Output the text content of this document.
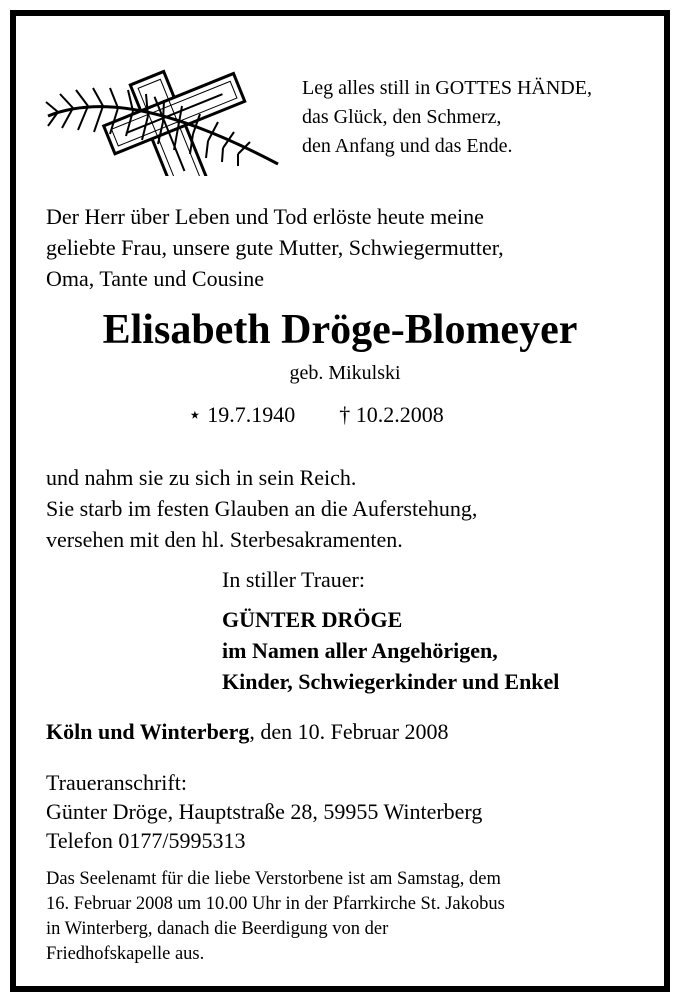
Leg alles still in GOTTES HÄNDE,
das Glück, den Schmerz,
den Anfang und das Ende.
Der Herr über Leben und Tod erlöste heute meine
geliebte Frau, unsere gute Mutter, Schwiegermutter,
Oma, Tante und Cousine
Elisabeth Dröge-Blomeyer
geb. Mikulski
⋆ 19.7.1940 † 10.2.2008
und nahm sie zu sich in sein Reich.
Sie starb im festen Glauben an die Auferstehung,
versehen mit den hl. Sterbesakramenten.
In stiller Trauer:
GÜNTER DRÖGE
im Namen aller Angehörigen,
Kinder, Schwiegerkinder und Enkel
Köln und Winterberg, den 10. Februar 2008
Traueranschrift:
Günter Dröge, Hauptstraße 28, 59955 Winterberg
Telefon 0177/5995313
Das Seelenamt für die liebe Verstorbene ist am Samstag, dem
16. Februar 2008 um 10.00 Uhr in der Pfarrkirche St. Jakobus
in Winterberg, danach die Beerdigung von der
Friedhofskapelle aus.
